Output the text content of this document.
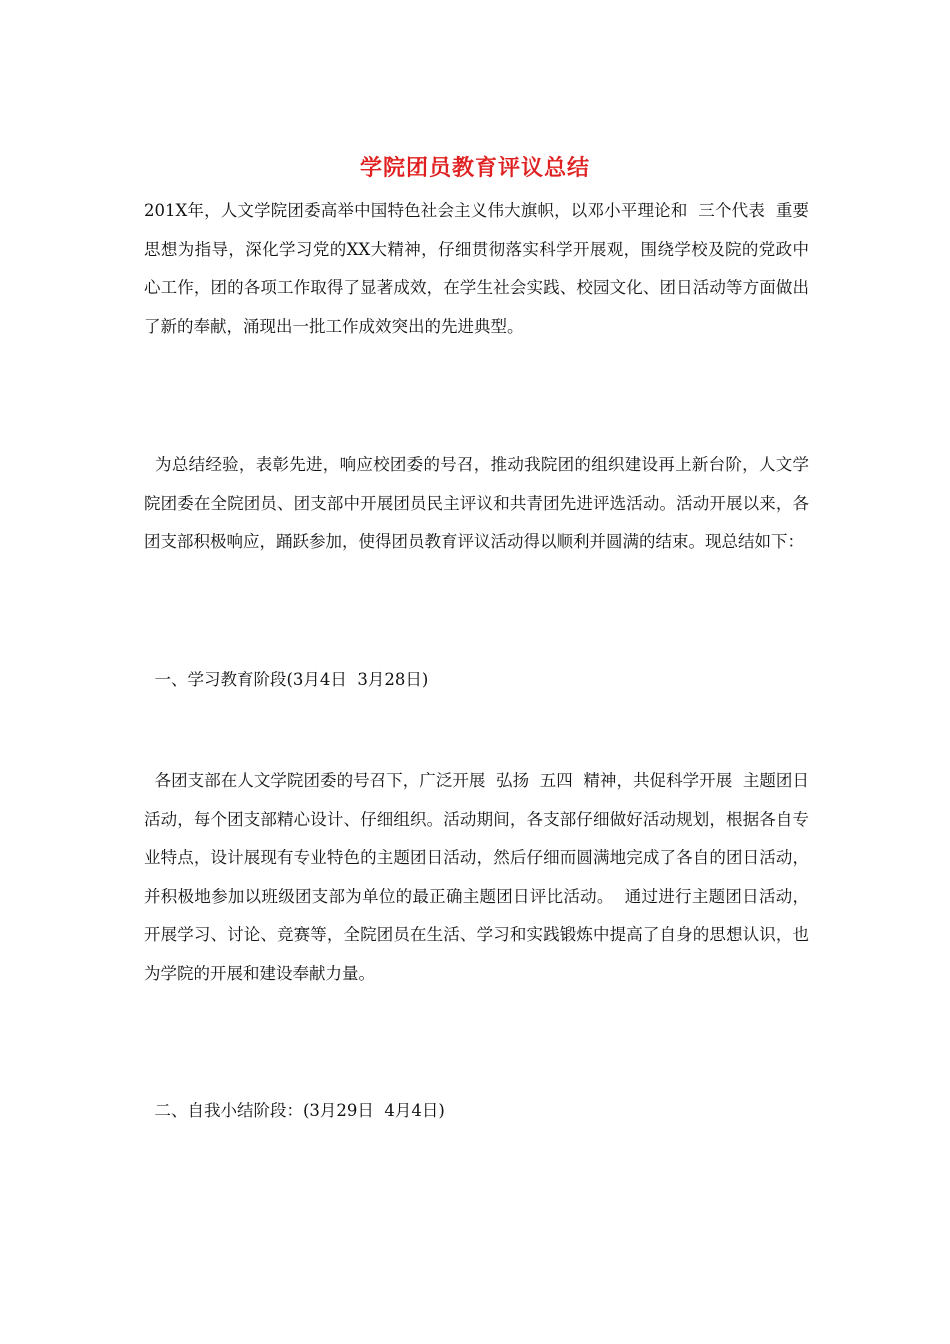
学院团员教育评议总结

201X年，人文学院团委高举中国特色社会主义伟大旗帜，以邓小平理论和  三个代表  重要思想为指导，深化学习党的XX大精神，仔细贯彻落实科学开展观，围绕学校及院的党政中心工作，团的各项工作取得了显著成效，在学生社会实践、校园文化、团日活动等方面做出了新的奉献，涌现出一批工作成效突出的先进典型。

为总结经验，表彰先进，响应校团委的号召，推动我院团的组织建设再上新台阶，人文学院团委在全院团员、团支部中开展团员民主评议和共青团先进评选活动。活动开展以来，各团支部积极响应，踊跃参加，使得团员教育评议活动得以顺利并圆满的结束。现总结如下：

一、学习教育阶段(3月4日  3月28日)

各团支部在人文学院团委的号召下，广泛开展  弘扬  五四  精神，共促科学开展  主题团日活动，每个团支部精心设计、仔细组织。活动期间，各支部仔细做好活动规划，根据各自专业特点，设计展现有专业特色的主题团日活动，然后仔细而圆满地完成了各自的团日活动，并积极地参加以班级团支部为单位的最正确主题团日评比活动。  通过进行主题团日活动，开展学习、讨论、竞赛等，全院团员在生活、学习和实践锻炼中提高了自身的思想认识，也为学院的开展和建设奉献力量。

二、自我小结阶段：(3月29日  4月4日)
